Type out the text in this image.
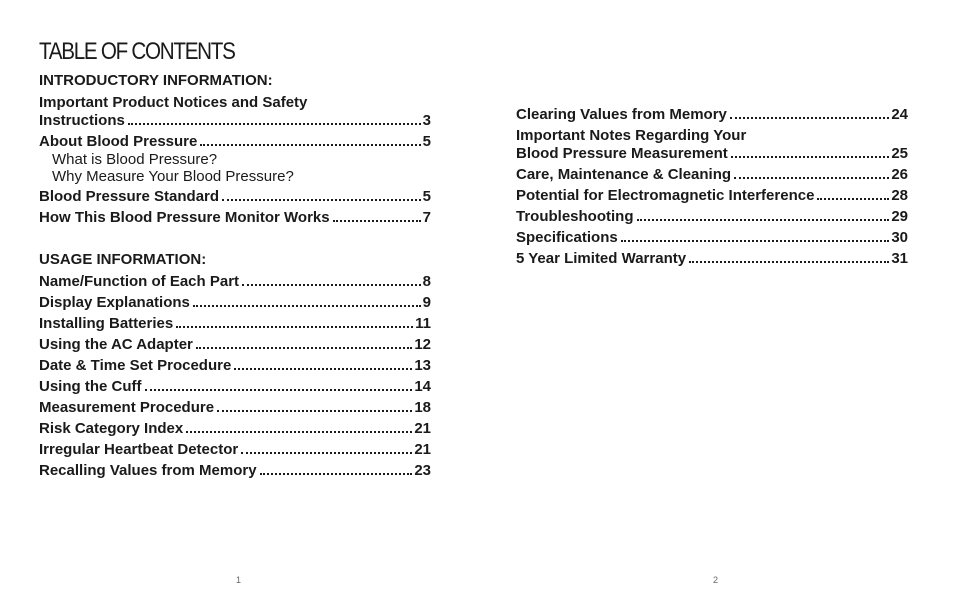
TABLE OF CONTENTS
INTRODUCTORY INFORMATION:
Important Product Notices and Safety
Instructions	3
About Blood Pressure	5
What is Blood Pressure?
Why Measure Your Blood Pressure?
Blood Pressure Standard	5
How This Blood Pressure Monitor Works	7
USAGE INFORMATION:
Name/Function of Each Part	8
Display Explanations	9
Installing Batteries	11
Using the AC Adapter	12
Date & Time Set Procedure	13
Using the Cuff	14
Measurement Procedure	18
Risk Category Index	21
Irregular Heartbeat Detector	21
Recalling Values from Memory	23
Clearing Values from Memory	24
Important Notes Regarding Your
Blood Pressure Measurement	25
Care, Maintenance & Cleaning	26
Potential for Electromagnetic Interference	28
Troubleshooting	29
Specifications	30
5 Year Limited Warranty	31
1	2
